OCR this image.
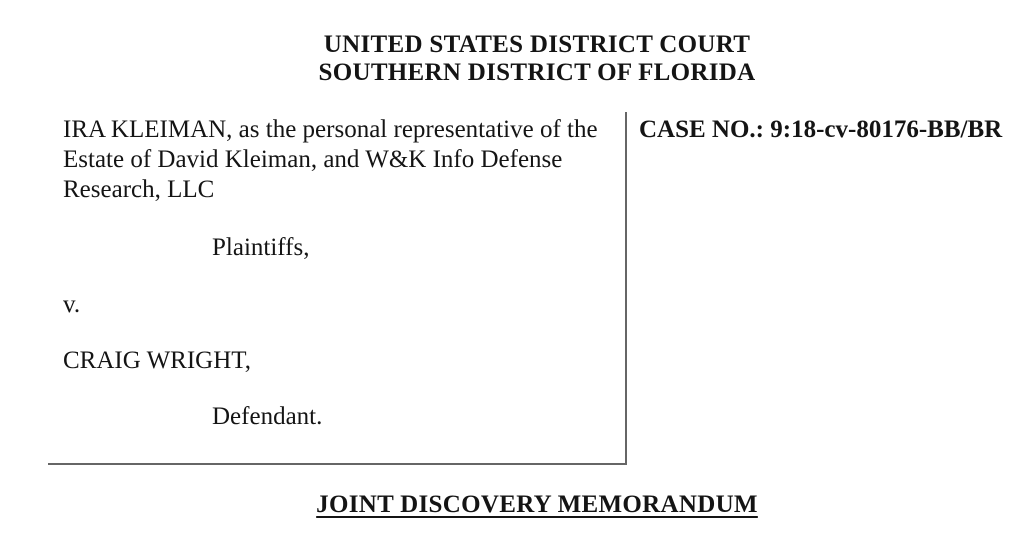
UNITED STATES DISTRICT COURT
SOUTHERN DISTRICT OF FLORIDA
IRA KLEIMAN, as the personal representative of the
Estate of David Kleiman, and W&K Info Defense
Research, LLC
Plaintiffs,
v.
CRAIG WRIGHT,
Defendant.
CASE NO.: 9:18-cv-80176-BB/BR
JOINT DISCOVERY MEMORANDUM
